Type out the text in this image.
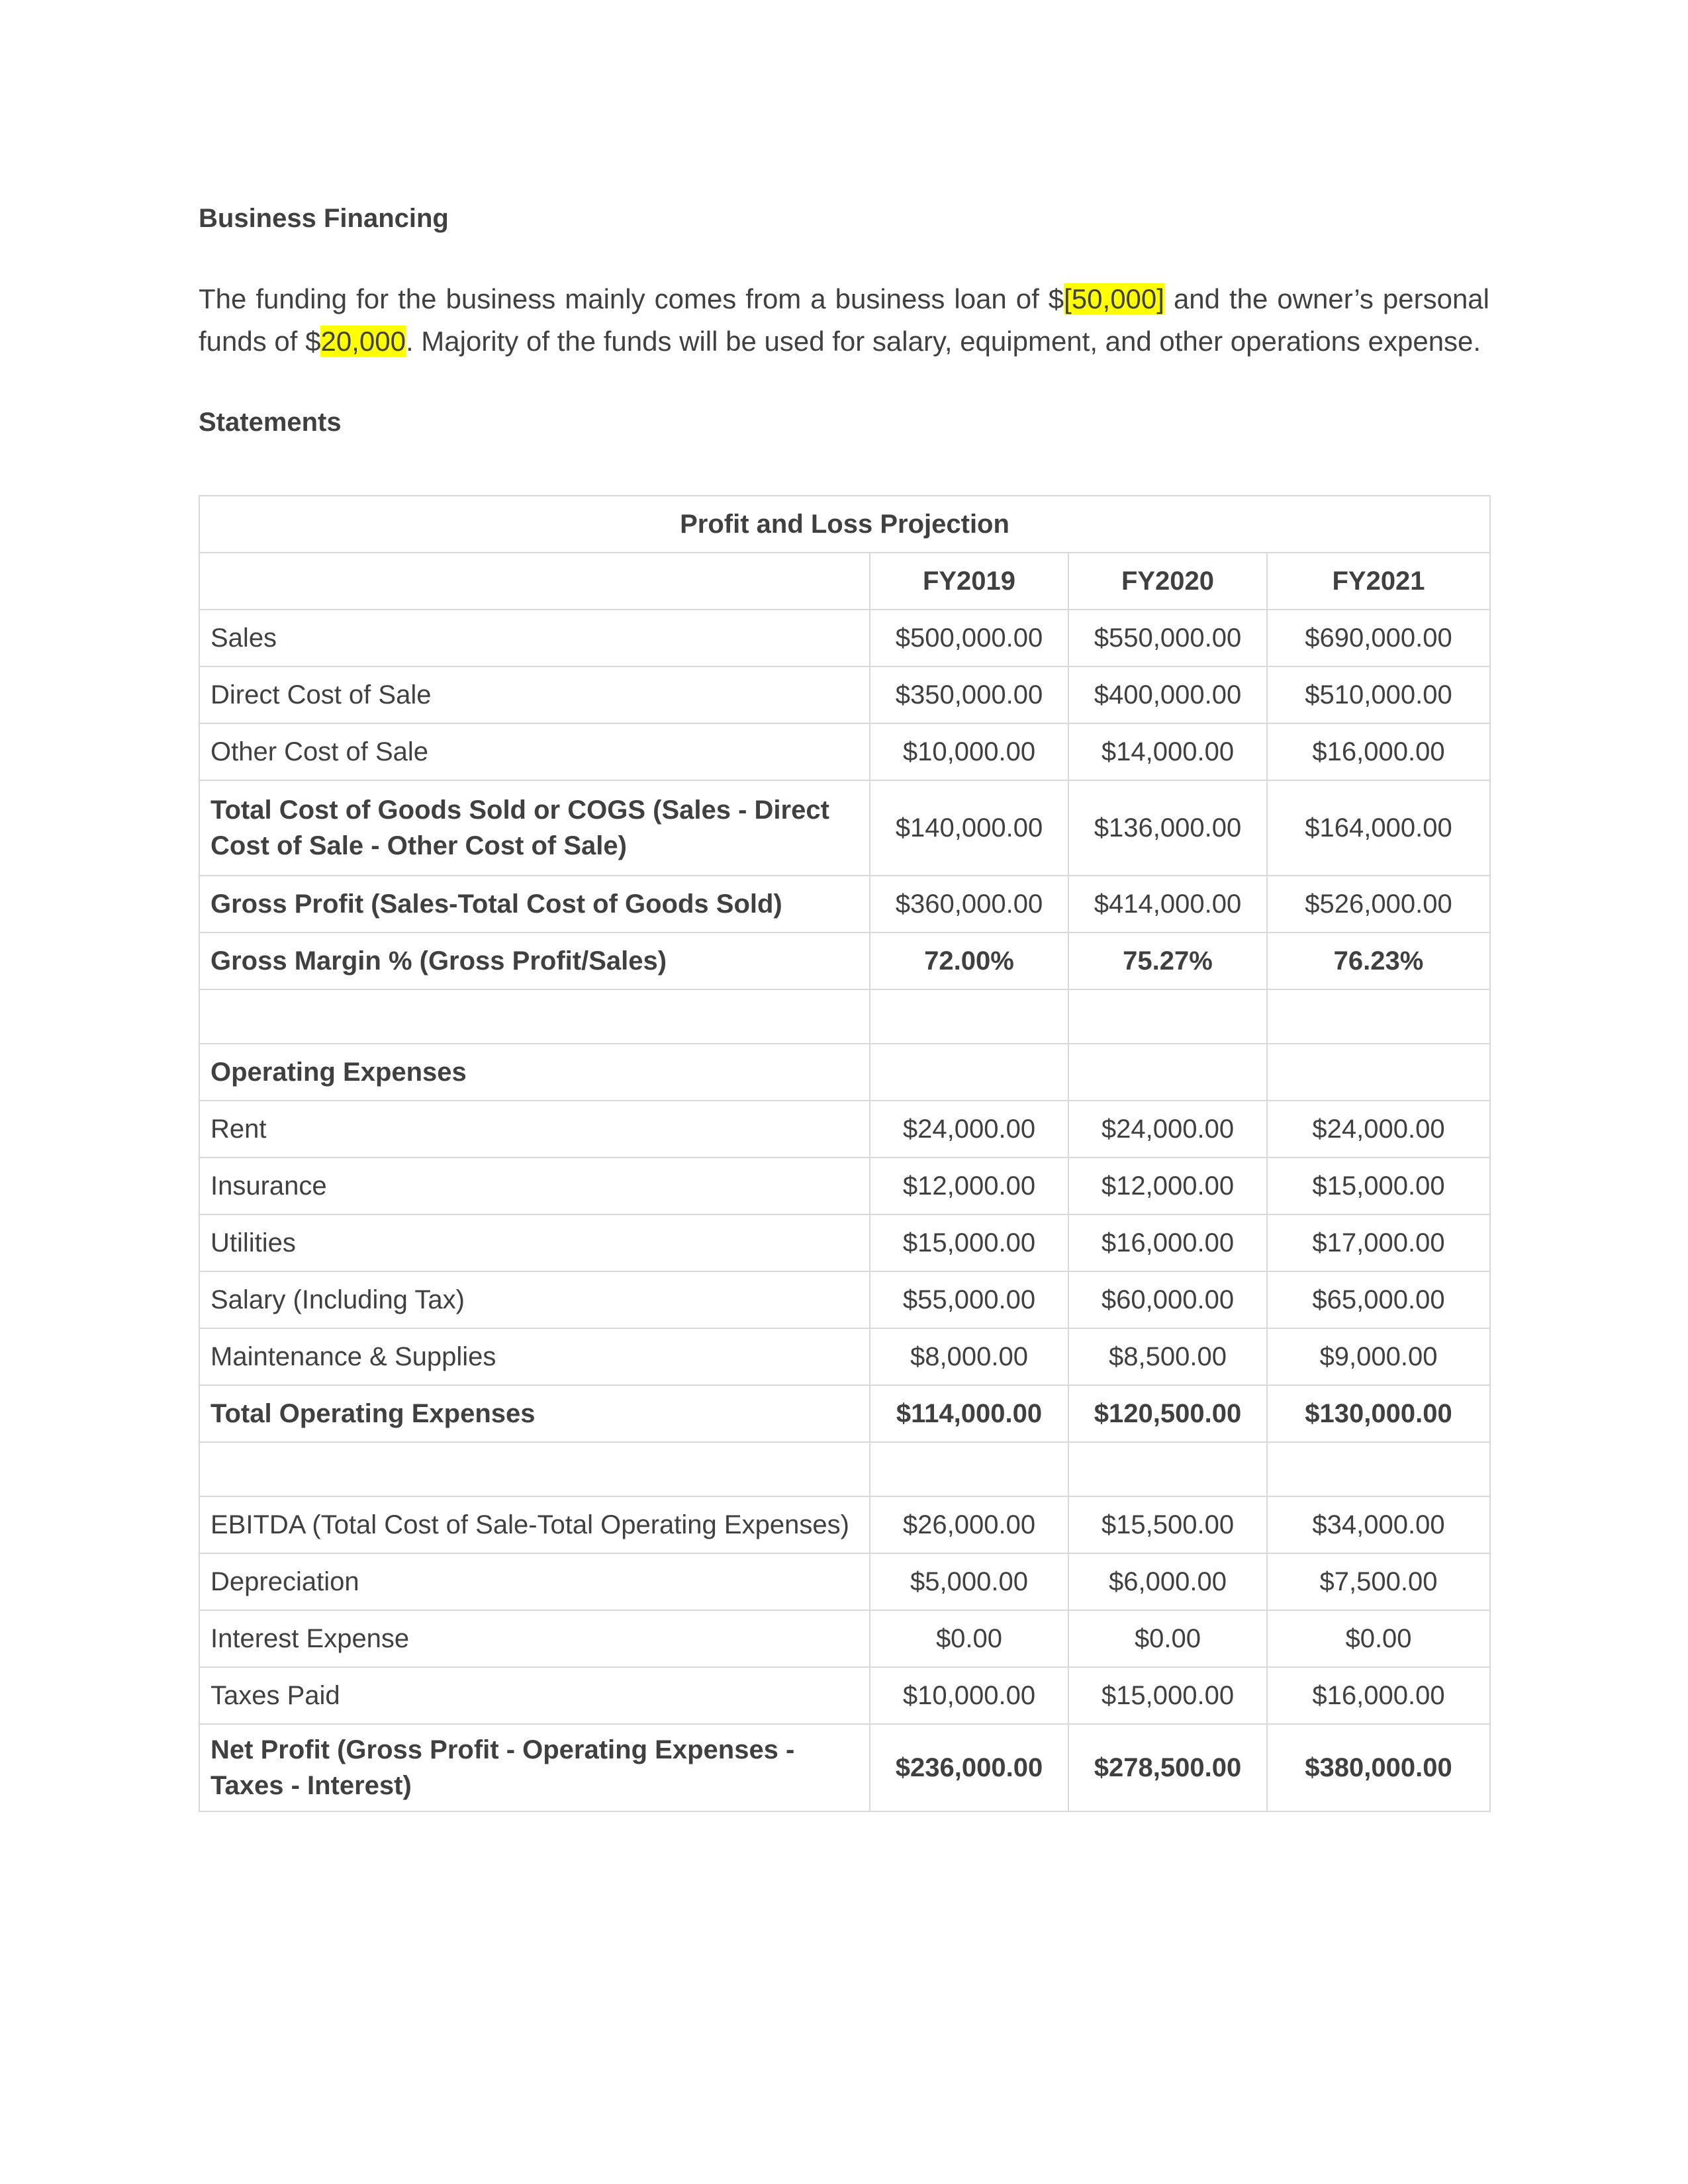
Business Financing

The funding for the business mainly comes from a business loan of $[50,000] and the owner’s personal funds of $20,000. Majority of the funds will be used for salary, equipment, and other operations expense.

Statements

Profit and Loss Projection			
	FY2019	FY2020	FY2021
Sales	$500,000.00	$550,000.00	$690,000.00
Direct Cost of Sale	$350,000.00	$400,000.00	$510,000.00
Other Cost of Sale	$10,000.00	$14,000.00	$16,000.00
Total Cost of Goods Sold or COGS (Sales - Direct Cost of Sale - Other Cost of Sale)	$140,000.00	$136,000.00	$164,000.00
Gross Profit (Sales-Total Cost of Goods Sold)	$360,000.00	$414,000.00	$526,000.00
Gross Margin % (Gross Profit/Sales)	72.00%	75.27%	76.23%

Operating Expenses			
Rent	$24,000.00	$24,000.00	$24,000.00
Insurance	$12,000.00	$12,000.00	$15,000.00
Utilities	$15,000.00	$16,000.00	$17,000.00
Salary (Including Tax)	$55,000.00	$60,000.00	$65,000.00
Maintenance & Supplies	$8,000.00	$8,500.00	$9,000.00
Total Operating Expenses	$114,000.00	$120,500.00	$130,000.00

EBITDA (Total Cost of Sale-Total Operating Expenses)	$26,000.00	$15,500.00	$34,000.00
Depreciation	$5,000.00	$6,000.00	$7,500.00
Interest Expense	$0.00	$0.00	$0.00
Taxes Paid	$10,000.00	$15,000.00	$16,000.00
Net Profit (Gross Profit - Operating Expenses - Taxes - Interest)	$236,000.00	$278,500.00	$380,000.00
